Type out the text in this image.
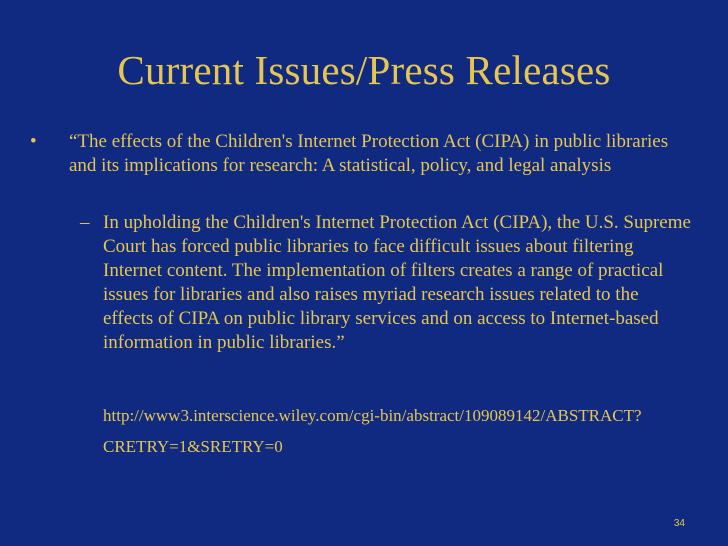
Current Issues/Press Releases
• “The effects of the Children's Internet Protection Act (CIPA) in public libraries and its implications for research: A statistical, policy, and legal analysis
– In upholding the Children's Internet Protection Act (CIPA), the U.S. Supreme Court has forced public libraries to face difficult issues about filtering Internet content. The implementation of filters creates a range of practical issues for libraries and also raises myriad research issues related to the effects of CIPA on public library services and on access to Internet-based information in public libraries.”
http://www3.interscience.wiley.com/cgi-bin/abstract/109089142/ABSTRACT?CRETRY=1&SRETRY=0
34
